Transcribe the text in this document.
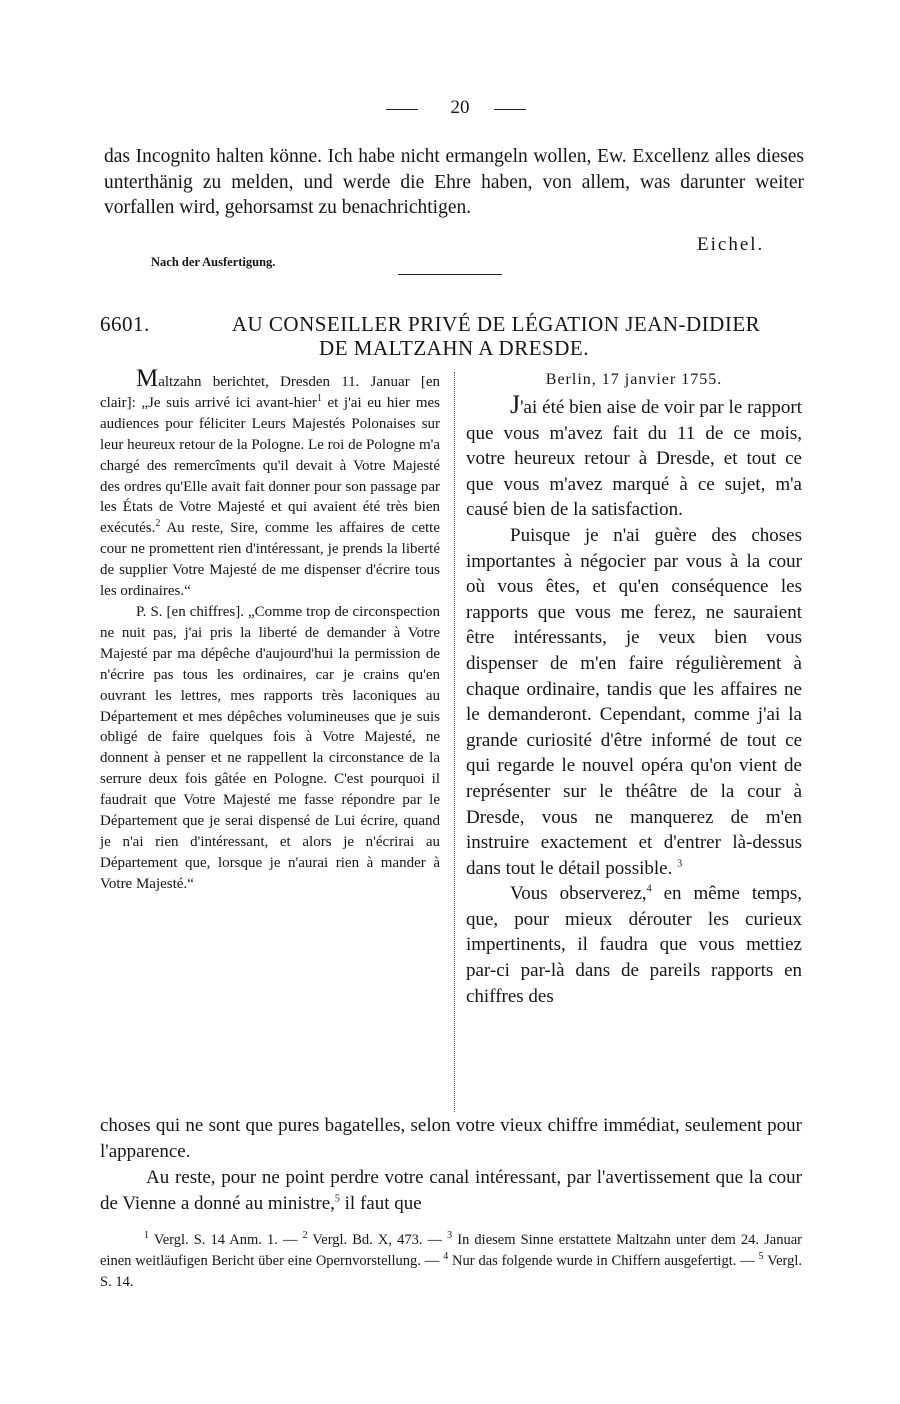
20
das Incognito halten könne. Ich habe nicht ermangeln wollen, Ew. Excellenz alles dieses unterthänig zu melden, und werde die Ehre haben, von allem, was darunter weiter vorfallen wird, gehorsamst zu benachrichtigen.
Eichel.
Nach der Ausfertigung.
6601.	AU CONSEILLER PRIVÉ DE LÉGATION JEAN-DIDIER
DE MALTZAHN A DRESDE.

Maltzahn berichtet, Dresden 11. Januar [en clair]: „Je suis arrivé ici avant-hier$^1$ et j'ai eu hier mes audiences pour féliciter Leurs Majestés Polonaises sur leur heureux retour de la Pologne. Le roi de Pologne m'a chargé des remercîments qu'il devait à Votre Majesté des ordres qu'Elle avait fait donner pour son passage par les États de Votre Majesté et qui avaient été très bien exécutés.$^2$ Au reste, Sire, comme les affaires de cette cour ne promettent rien d'intéressant, je prends la liberté de supplier Votre Majesté de me dispenser d'écrire tous les ordinaires.“

P. S. [en chiffres]. „Comme trop de circonspection ne nuit pas, j'ai pris la liberté de demander à Votre Majesté par ma dépêche d'aujourd'hui la permission de n'écrire pas tous les ordinaires, car je crains qu'en ouvrant les lettres, mes rapports très laconiques au Département et mes dépêches volumineuses que je suis obligé de faire quelques fois à Votre Majesté, ne donnent à penser et ne rappellent la circonstance de la serrure deux fois gâtée en Pologne. C'est pourquoi il faudrait que Votre Majesté me fasse répondre par le Département que je serai dispensé de Lui écrire, quand je n'ai rien d'intéressant, et alors je n'écrirai au Département que, lorsque je n'aurai rien à mander à Votre Majesté.“

Berlin, 17 janvier 1755.

J'ai été bien aise de voir par le rapport que vous m'avez fait du 11 de ce mois, votre heureux retour à Dresde, et tout ce que vous m'avez marqué à ce sujet, m'a causé bien de la satisfaction.

Puisque je n'ai guère des choses importantes à négocier par vous à la cour où vous êtes, et qu'en conséquence les rapports que vous me ferez, ne sauraient être intéressants, je veux bien vous dispenser de m'en faire régulièrement à chaque ordinaire, tandis que les affaires ne le demanderont. Cependant, comme j'ai la grande curiosité d'être informé de tout ce qui regarde le nouvel opéra qu'on vient de représenter sur le théâtre de la cour à Dresde, vous ne manquerez de m'en instruire exactement et d'entrer là-dessus dans tout le détail possible. $^3$

Vous observerez,$^4$ en même temps, que, pour mieux dérouter les curieux impertinents, il faudra que vous mettiez par-ci par-là dans de pareils rapports en chiffres des

choses qui ne sont que pures bagatelles, selon votre vieux chiffre immédiat, seulement pour l'apparence.

Au reste, pour ne point perdre votre canal intéressant, par l'avertissement que la cour de Vienne a donné au ministre,$^5$ il faut que

$^1$ Vergl. S. 14 Anm. 1. — $^2$ Vergl. Bd. X, 473. — $^3$ In diesem Sinne erstattete Maltzahn unter dem 24. Januar einen weitläufigen Bericht über eine Opernvorstellung. — $^4$ Nur das folgende wurde in Chiffern ausgefertigt. — $^5$ Vergl. S. 14.
